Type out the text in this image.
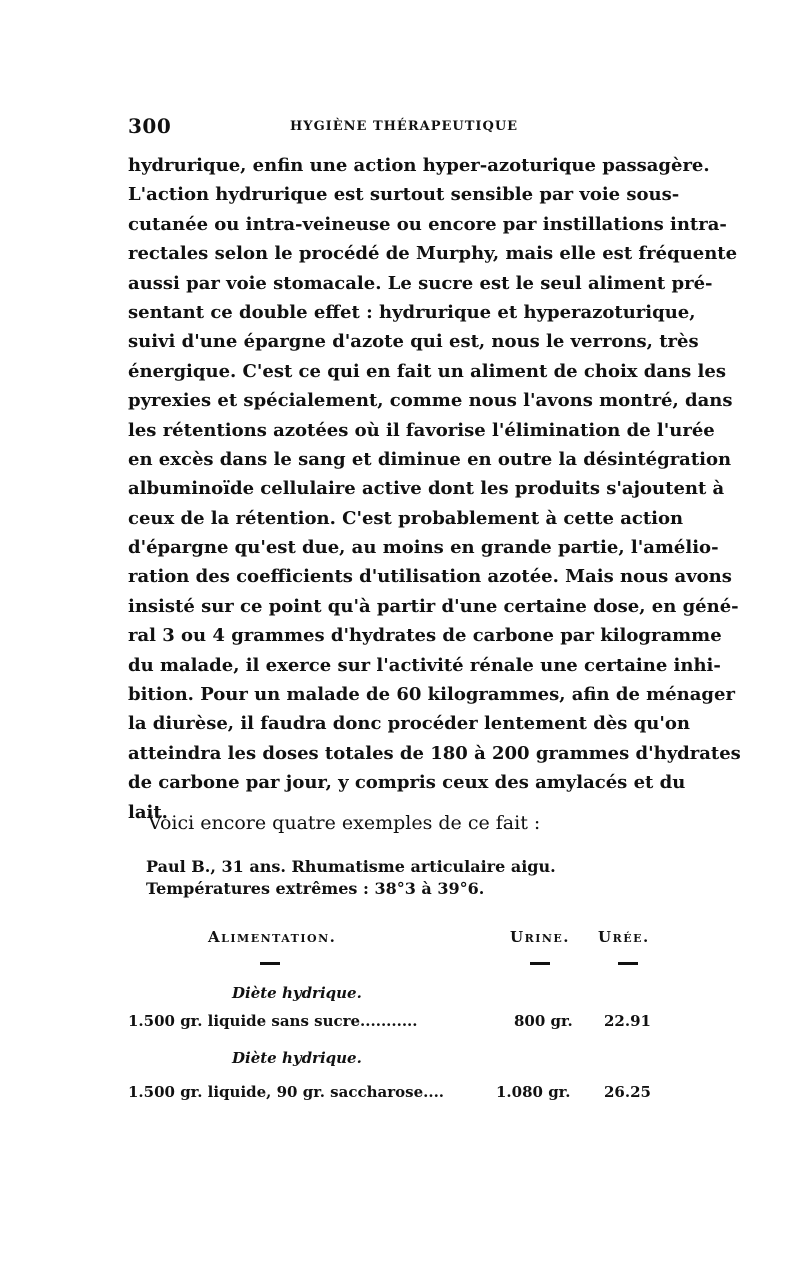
300	HYGIÈNE THÉRAPEUTIQUE
hydrurique, enfin une action hyper-azoturique passagère.
L'action hydrurique est surtout sensible par voie sous-
cutanée ou intra-veineuse ou encore par instillations intra-
rectales selon le procédé de Murphy, mais elle est fréquente
aussi par voie stomacale. Le sucre est le seul aliment pré-
sentant ce double effet : hydrurique et hyperazoturique,
suivi d'une épargne d'azote qui est, nous le verrons, très
énergique. C'est ce qui en fait un aliment de choix dans les
pyrexies et spécialement, comme nous l'avons montré, dans
les rétentions azotées où il favorise l'élimination de l'urée
en excès dans le sang et diminue en outre la désintégration
albuminoïde cellulaire active dont les produits s'ajoutent à
ceux de la rétention. C'est probablement à cette action
d'épargne qu'est due, au moins en grande partie, l'amélio-
ration des coefficients d'utilisation azotée. Mais nous avons
insisté sur ce point qu'à partir d'une certaine dose, en géné-
ral 3 ou 4 grammes d'hydrates de carbone par kilogramme
du malade, il exerce sur l'activité rénale une certaine inhi-
bition. Pour un malade de 60 kilogrammes, afin de ménager
la diurèse, il faudra donc procéder lentement dès qu'on
atteindra les doses totales de 180 à 200 grammes d'hydrates
de carbone par jour, y compris ceux des amylacés et du
lait.
Voici encore quatre exemples de ce fait :
Paul B., 31 ans. Rhumatisme articulaire aigu.
Températures extrêmes : 38°3 à 39°6.
Alimentation.	Urine. Urée.
Diète hydrique.
1.500 gr. liquide sans sucre...........	800 gr. 22.91
Diète hydrique.
1.500 gr. liquide, 90 gr. saccharose....	1.080 gr. 26.25
